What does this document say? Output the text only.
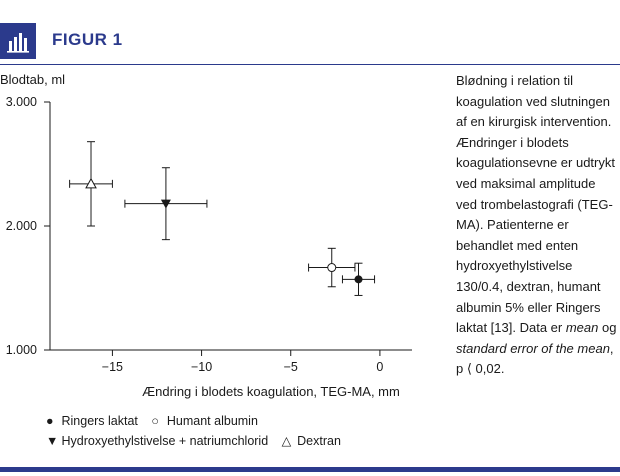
FIGUR 1
Blodtab, ml
Ændring i blodets koagulation, TEG-MA, mm
1.000
2.000
3.000
−15	−10	−5	0
Blødning i relation til koagulation ved slutningen af en kirurgisk intervention. Ændringer i blodets koagulationsevne er udtrykt ved maksimal amplitude ved trombelastografi (TEG-MA). Patienterne er behandlet med enten hydroxyethylstivelse 130/0.4, dextran, humant albumin 5% eller Ringers laktat [13]. Data er mean og standard error of the mean, p ⟨ 0,02.
● Ringers laktat ○ Humant albumin
▼ Hydroxyethylstivelse + natriumchlorid △ Dextran
